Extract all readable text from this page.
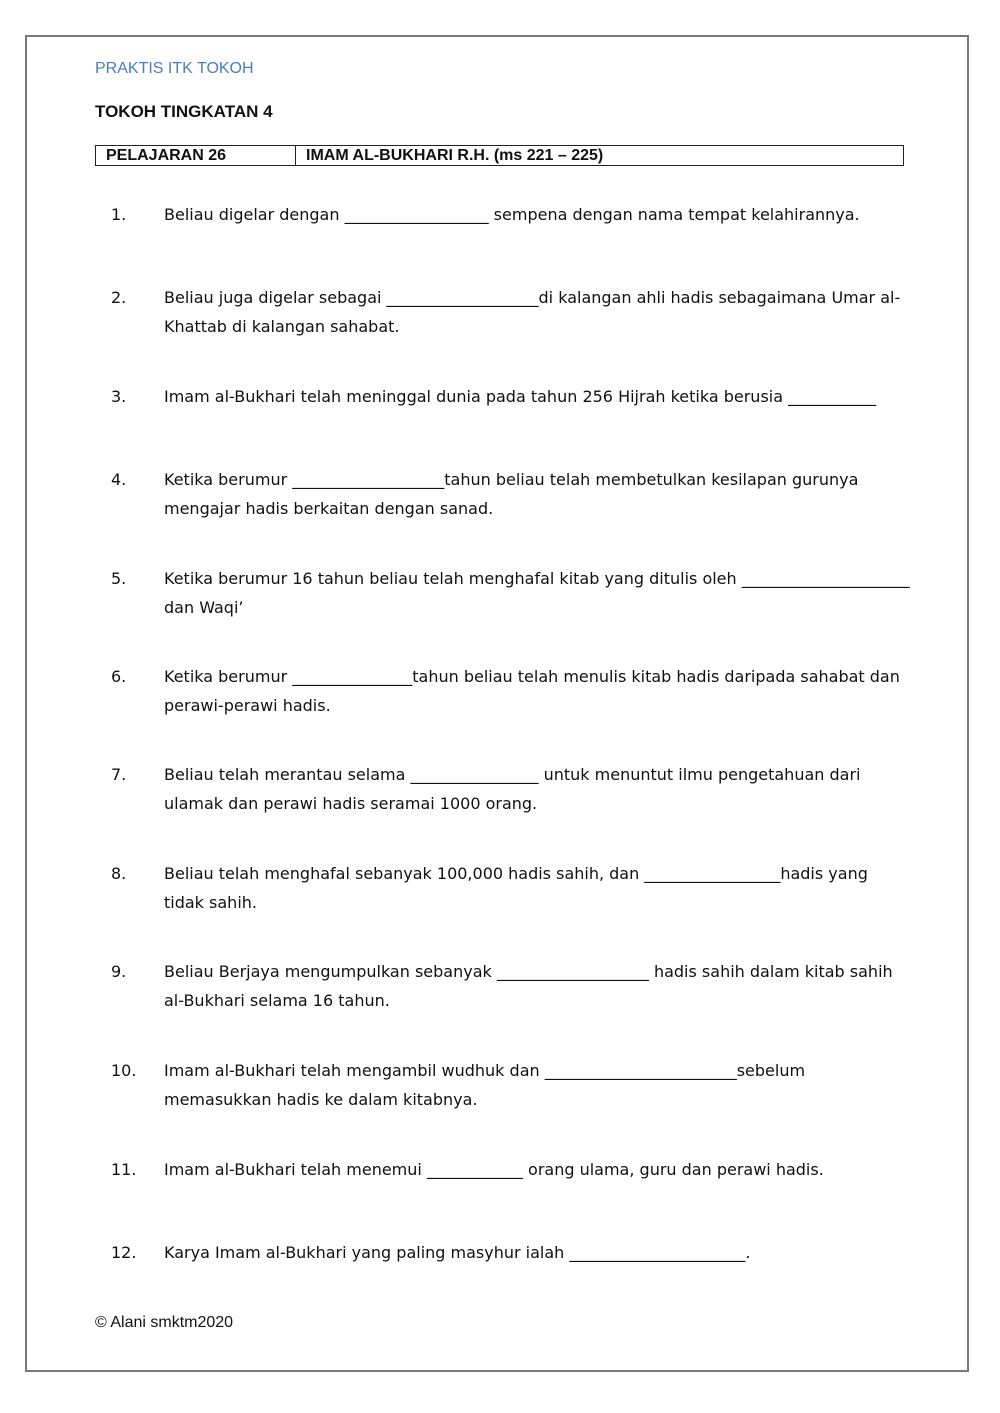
PRAKTIS ITK TOKOH
TOKOH TINGKATAN 4
PELAJARAN 26	IMAM AL-BUKHARI R.H. (ms 221 – 225)
1.	Beliau digelar dengan __________________ sempena dengan nama tempat kelahirannya.
2.	Beliau juga digelar sebagai ___________________di kalangan ahli hadis sebagaimana Umar al-Khattab di kalangan sahabat.
3.	Imam al-Bukhari telah meninggal dunia pada tahun 256 Hijrah ketika berusia ___________
4.	Ketika berumur ___________________tahun beliau telah membetulkan kesilapan gurunya mengajar hadis berkaitan dengan sanad.
5.	Ketika berumur 16 tahun beliau telah menghafal kitab yang ditulis oleh _____________________ dan Waqi’
6.	Ketika berumur _______________tahun beliau telah menulis kitab hadis daripada sahabat dan perawi-perawi hadis.
7.	Beliau telah merantau selama ________________ untuk menuntut ilmu pengetahuan dari ulamak dan perawi hadis seramai 1000 orang.
8.	Beliau telah menghafal sebanyak 100,000 hadis sahih, dan _________________hadis yang tidak sahih.
9.	Beliau Berjaya mengumpulkan sebanyak ___________________ hadis sahih dalam kitab sahih al-Bukhari selama 16 tahun.
10.	Imam al-Bukhari telah mengambil wudhuk dan ________________________sebelum memasukkan hadis ke dalam kitabnya.
11.	Imam al-Bukhari telah menemui ____________ orang ulama, guru dan perawi hadis.
12.	Karya Imam al-Bukhari yang paling masyhur ialah ______________________.
© Alani smktm2020
